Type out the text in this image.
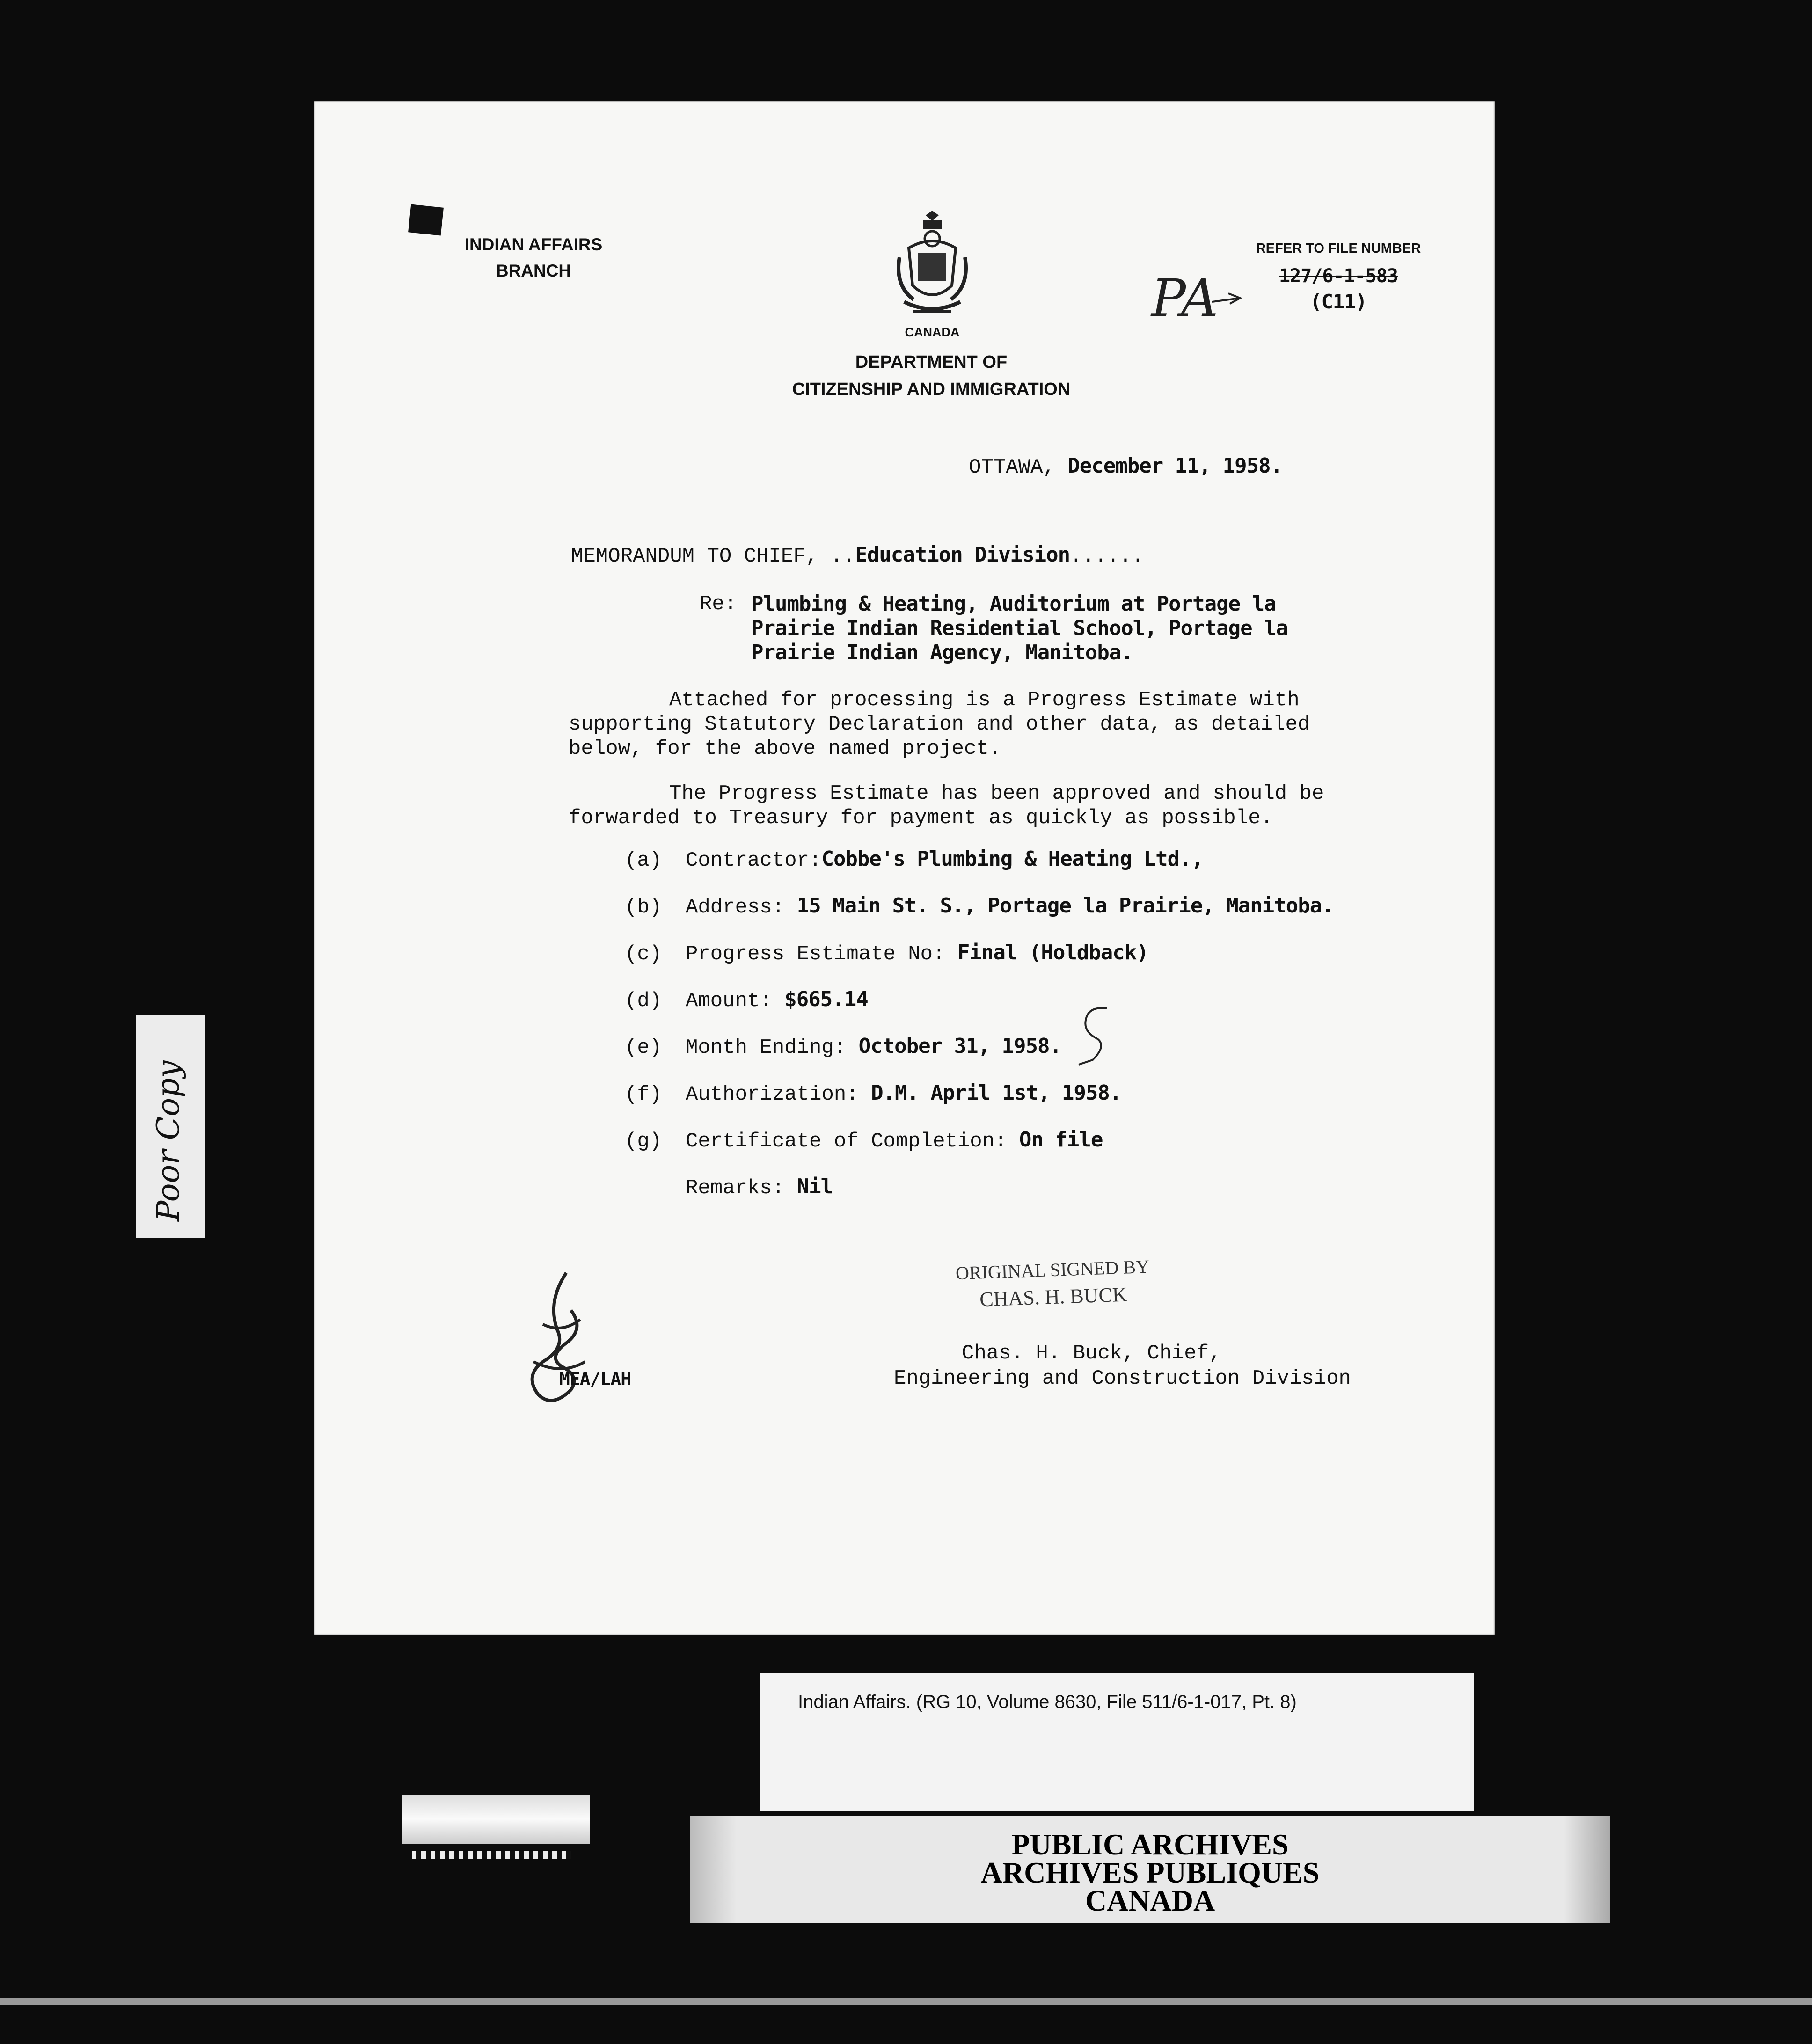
Poor Copy
INDIAN AFFAIRS
BRANCH
CANADA
DEPARTMENT OF
CITIZENSHIP AND IMMIGRATION
REFER TO FILE NUMBER
127/6-1-583
(C11)
PA
OTTAWA, December 11, 1958.
MEMORANDUM TO CHIEF, ..Education Division......
Re: Plumbing & Heating, Auditorium at Portage la
Prairie Indian Residential School, Portage la
Prairie Indian Agency, Manitoba.
Attached for processing is a Progress Estimate with
supporting Statutory Declaration and other data, as detailed
below, for the above named project.
The Progress Estimate has been approved and should be
forwarded to Treasury for payment as quickly as possible.
(a) Contractor:Cobbe's Plumbing & Heating Ltd.,
(b) Address: 15 Main St. S., Portage la Prairie, Manitoba.
(c) Progress Estimate No: Final (Holdback)
(d) Amount: $665.14
(e) Month Ending: October 31, 1958.
(f) Authorization: D.M. April 1st, 1958.
(g) Certificate of Completion: On file
Remarks: Nil
ORIGINAL SIGNED BY
CHAS. H. BUCK
Chas. H. Buck, Chief,
Engineering and Construction Division
MEA/LAH
Indian Affairs. (RG 10, Volume 8630, File 511/6-1-017, Pt. 8)
PUBLIC ARCHIVES
ARCHIVES PUBLIQUES
CANADA
